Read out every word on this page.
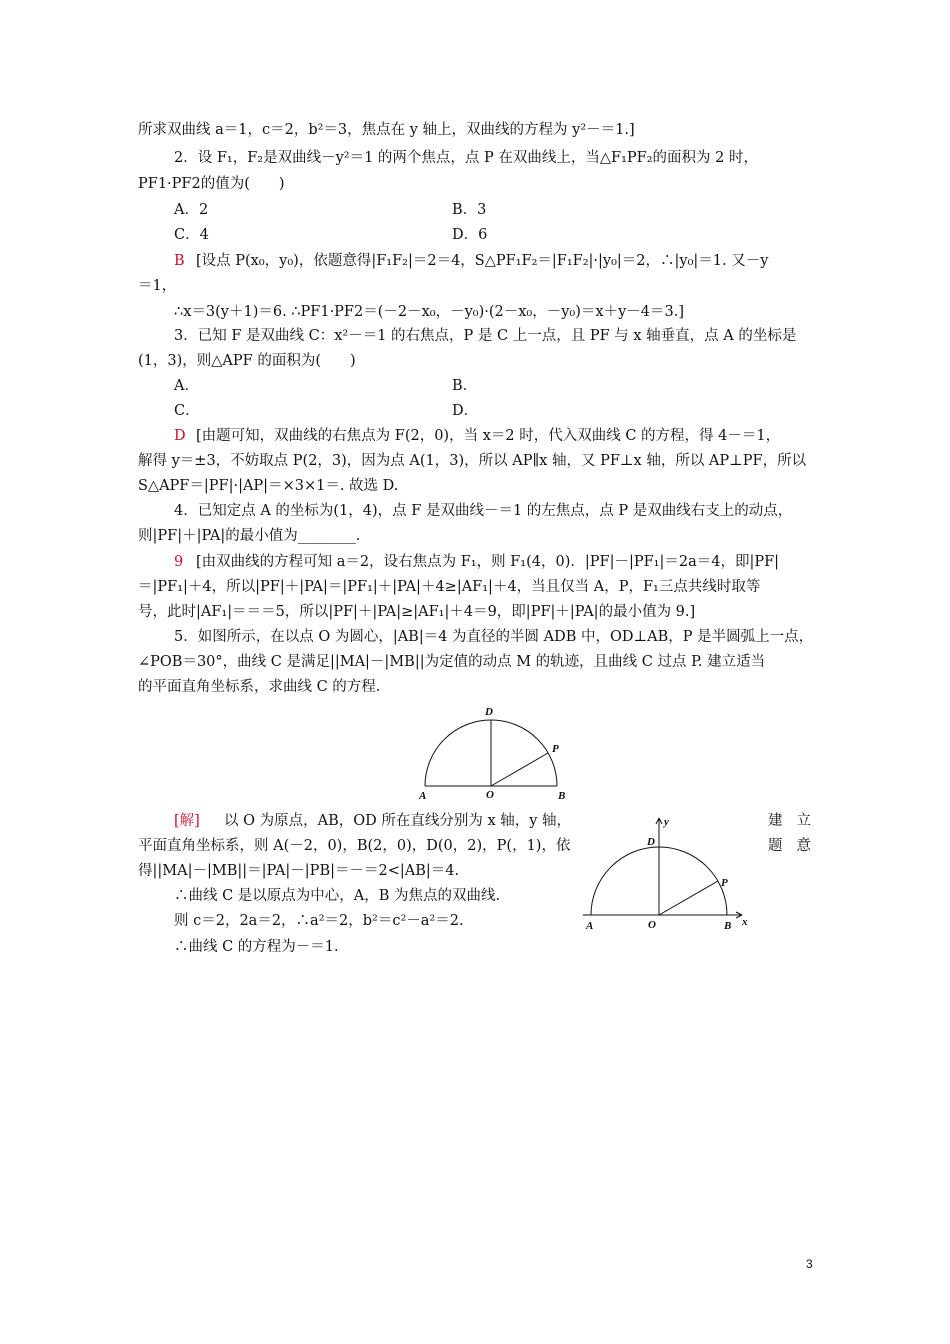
所求双曲线 a＝1，c＝2，b²＝3，焦点在 y 轴上，双曲线的方程为 y²－＝1.]
2．设 F₁，F₂是双曲线－y²＝1 的两个焦点，点 P 在双曲线上，当△F₁PF₂的面积为 2 时，
PF1·PF2的值为(　　)
A．2	B．3
C．4	D．6
B [设点 P(x₀，y₀)，依题意得|F₁F₂|＝2＝4，S△PF₁F₂＝|F₁F₂|·|y₀|＝2，∴|y₀|＝1. 又－y
＝1，
∴x＝3(y＋1)＝6. ∴PF1·PF2＝(－2－x₀，－y₀)·(2－x₀，－y₀)＝x＋y－4＝3.]
3．已知 F 是双曲线 C：x²－＝1 的右焦点，P 是 C 上一点，且 PF 与 x 轴垂直，点 A 的坐标是
(1，3)，则△APF 的面积为(　　)
A．	B．
C．	D．
D [由题可知，双曲线的右焦点为 F(2，0)，当 x＝2 时，代入双曲线 C 的方程，得 4－＝1，
解得 y＝±3，不妨取点 P(2，3)，因为点 A(1，3)，所以 AP∥x 轴，又 PF⊥x 轴，所以 AP⊥PF，所以
S△APF＝|PF|·|AP|＝×3×1＝. 故选 D.
4．已知定点 A 的坐标为(1，4)，点 F 是双曲线－＝1 的左焦点，点 P 是双曲线右支上的动点，
则|PF|＋|PA|的最小值为________.
9 [由双曲线的方程可知 a＝2，设右焦点为 F₁，则 F₁(4，0)．|PF|－|PF₁|＝2a＝4，即|PF|
＝|PF₁|＋4，所以|PF|＋|PA|＝|PF₁|＋|PA|＋4≥|AF₁|＋4，当且仅当 A，P，F₁三点共线时取等
号，此时|AF₁|＝＝＝5，所以|PF|＋|PA|≥|AF₁|＋4＝9，即|PF|＋|PA|的最小值为 9.]
5．如图所示，在以点 O 为圆心，|AB|＝4 为直径的半圆 ADB 中，OD⊥AB，P 是半圆弧上一点，
∠POB＝30°，曲线 C 是满足||MA|－|MB||为定值的动点 M 的轨迹，且曲线 C 过点 P. 建立适当
的平面直角坐标系，求曲线 C 的方程.
D
P
A	O	B
[解] 以 O 为原点，AB，OD 所在直线分别为 x 轴，y 轴，	建立
平面直角坐标系，则 A(－2，0)，B(2，0)，D(0，2)，P(，1)，依	题意
得||MA|－|MB||＝|PA|－|PB|＝－＝2<|AB|＝4.
∴曲线 C 是以原点为中心，A，B 为焦点的双曲线.
则 c＝2，2a＝2，∴a²＝2，b²＝c²－a²＝2.
∴曲线 C 的方程为－＝1.
y
D
P
A	O	B x
3
